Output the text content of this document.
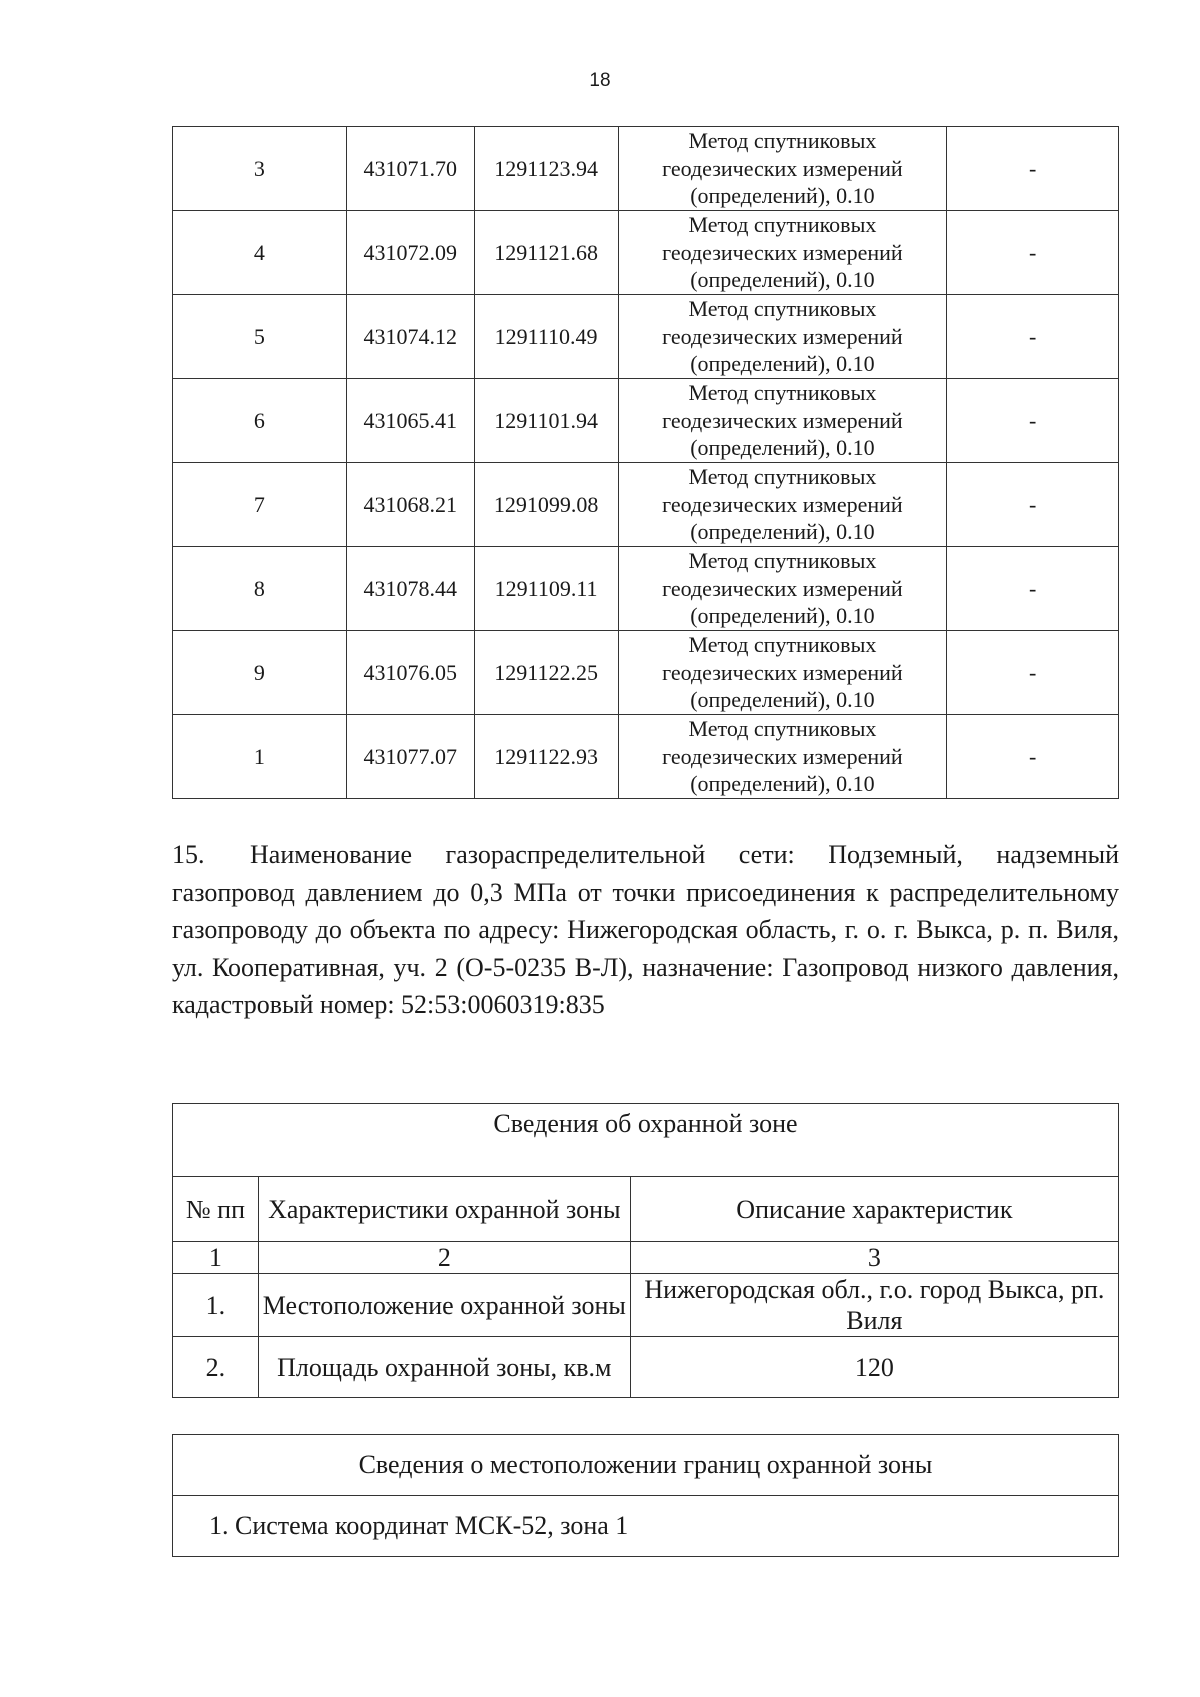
18
3	431071.70	1291123.94	Метод спутниковых
геодезических измерений
(определений), 0.10	-
4	431072.09	1291121.68	Метод спутниковых
геодезических измерений
(определений), 0.10	-
5	431074.12	1291110.49	Метод спутниковых
геодезических измерений
(определений), 0.10	-
6	431065.41	1291101.94	Метод спутниковых
геодезических измерений
(определений), 0.10	-
7	431068.21	1291099.08	Метод спутниковых
геодезических измерений
(определений), 0.10	-
8	431078.44	1291109.11	Метод спутниковых
геодезических измерений
(определений), 0.10	-
9	431076.05	1291122.25	Метод спутниковых
геодезических измерений
(определений), 0.10	-
1	431077.07	1291122.93	Метод спутниковых
геодезических измерений
(определений), 0.10	-

15. Наименование газораспределительной сети: Подземный, надземный газопровод давлением до 0,3 МПа от точки присоединения к распределительному газопроводу до объекта по адресу: Нижегородская область, г. о. г. Выкса, р. п. Виля, ул. Кооперативная, уч. 2 (О-5-0235 В-Л), назначение: Газопровод низкого давления, кадастровый номер: 52:53:0060319:835

Сведения об охранной зоне		
№ пп	Характеристики охранной зоны	Описание характеристик
1	2	3
1.	Местоположение охранной зоны	Нижегородская обл., г.о. город Выкса, рп. Виля
2.	Площадь охранной зоны, кв.м	120
Сведения о местоположении границ охранной зоны
1. Система координат МСК-52, зона 1
